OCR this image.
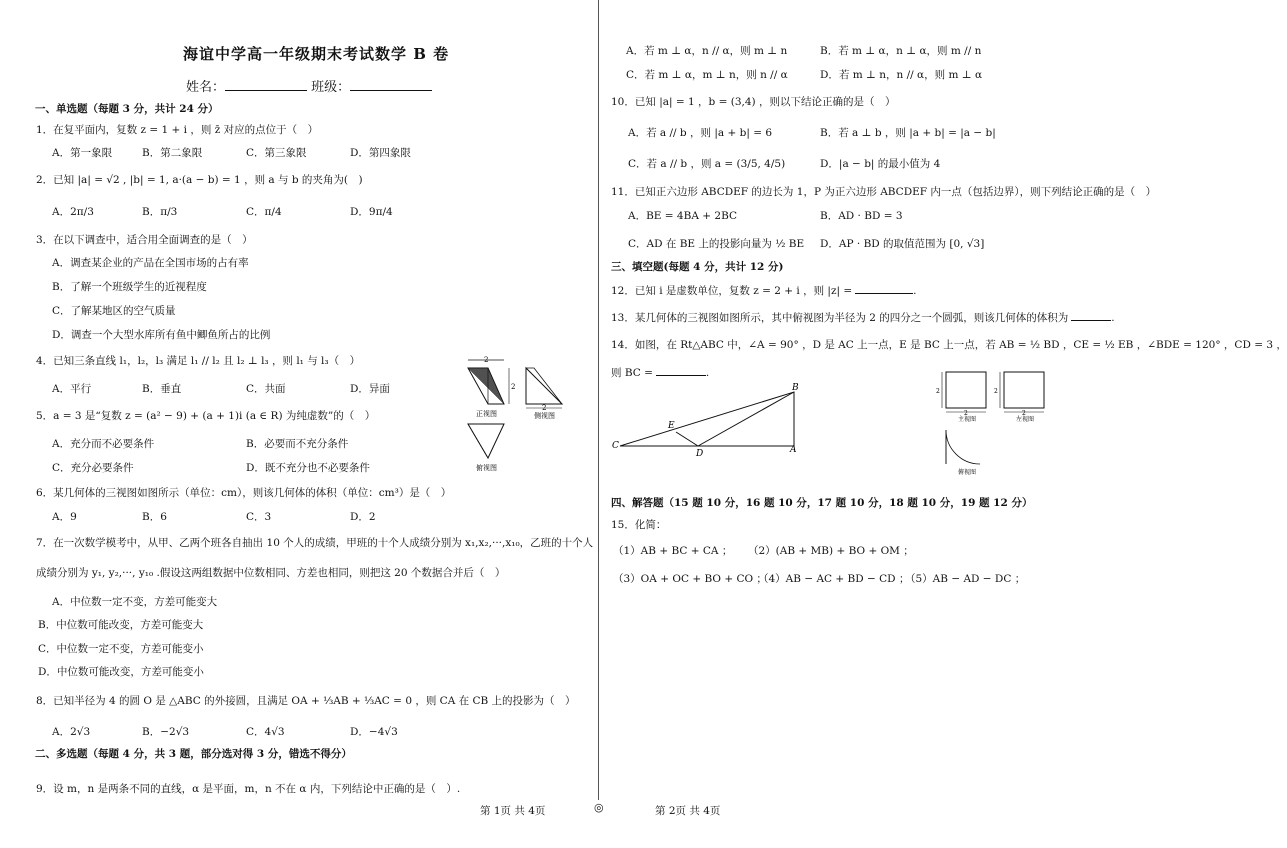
海谊中学高一年级期末考试数学 B 卷
姓名：	班级：
一、单选题（每题 3 分，共计 24 分）
1．在复平面内，复数 z = 1 + i ，则 z̄ 对应的点位于（　）
A．第一象限	B．第二象限	C．第三象限	D．第四象限
2．已知 |a| = √2 , |b| = 1, a·(a − b) = 1 ，则 a 与 b 的夹角为(　)
A．2π/3	B．π/3	C．π/4	D．9π/4
3．在以下调查中，适合用全面调查的是（　）
A．调查某企业的产品在全国市场的占有率
B．了解一个班级学生的近视程度
C．了解某地区的空气质量
D．调查一个大型水库所有鱼中鲫鱼所占的比例
4．已知三条直线 l₁，l₂，l₃ 满足 l₁ // l₂ 且 l₂ ⊥ l₃ ，则 l₁ 与 l₃（　）
A．平行	B．垂直	C．共面	D．异面
5．a = 3 是“复数 z = (a² − 9) + (a + 1)i (a ∈ R) 为纯虚数”的（　）
A．充分而不必要条件	B．必要而不充分条件
C．充分必要条件	D．既不充分也不必要条件
6．某几何体的三视图如图所示（单位：cm），则该几何体的体积（单位：cm³）是（　）
A．9	B．6	C．3	D．2
7．在一次数学模考中，从甲、乙两个班各自抽出 10 个人的成绩，甲班的十个人成绩分别为 x₁,x₂,···,x₁₀，乙班的十个人
成绩分别为 y₁, y₂,···, y₁₀ .假设这两组数据中位数相同、方差也相同，则把这 20 个数据合并后（　）
A．中位数一定不变，方差可能变大
B．中位数可能改变，方差可能变大
C．中位数一定不变，方差可能变小
D．中位数可能改变，方差可能变小
8．已知半径为 4 的圆 O 是 △ABC 的外接圆，且满足 OA + ⅓AB + ⅓AC = 0 ，则 CA 在 CB 上的投影为（　）
A．2√3	B．−2√3	C．4√3	D．−4√3
二、多选题（每题 4 分，共 3 题，部分选对得 3 分，错选不得分）
9．设 m，n 是两条不同的直线，α 是平面，m，n 不在 α 内，下列结论中正确的是（　）.
2
2
正视图
2
侧视图
俯视图
A．若 m ⊥ α，n // α，则 m ⊥ n	B．若 m ⊥ α，n ⊥ α，则 m // n
C．若 m ⊥ α，m ⊥ n，则 n // α	D．若 m ⊥ n，n // α，则 m ⊥ α
10．已知 |a| = 1 ，b = (3,4) ，则以下结论正确的是（　）
A．若 a // b ，则 |a + b| = 6	B．若 a ⊥ b ，则 |a + b| = |a − b|
C．若 a // b ，则 a = (3/5, 4/5)	D．|a − b| 的最小值为 4
11．已知正六边形 ABCDEF 的边长为 1，P 为正六边形 ABCDEF 内一点（包括边界），则下列结论正确的是（　）
A．BE = 4BA + 2BC	B．AD · BD = 3
C．AD 在 BE 上的投影向量为 ½ BE D．AP · BD 的取值范围为 [0, √3]
三、填空题(每题 4 分，共计 12 分)
12．已知 i 是虚数单位，复数 z = 2 + i ，则 |z| =	.
13．某几何体的三视图如图所示，其中俯视图为半径为 2 的四分之一个圆弧，则该几何体的体积为	.
14．如图，在 Rt△ABC 中，∠A = 90° ，D 是 AC 上一点，E 是 BC 上一点，若 AB = ½ BD ，CE = ½ EB ，∠BDE = 120° ，CD = 3 ，
则 BC =	.
B
E
C
D	A
2
2
主视图
2
2
左视图
俯视图
四、解答题（15 题 10 分，16 题 10 分，17 题 10 分，18 题 10 分，19 题 12 分）
15．化简：
（1）AB + BC + CA ； （2）(AB + MB) + BO + OM ；
（3）OA + OC + BO + CO ；
（4）AB − AC + BD − CD ；
（5）AB − AD − DC ；
第 1页 共 4页	◎	第 2页 共 4页
